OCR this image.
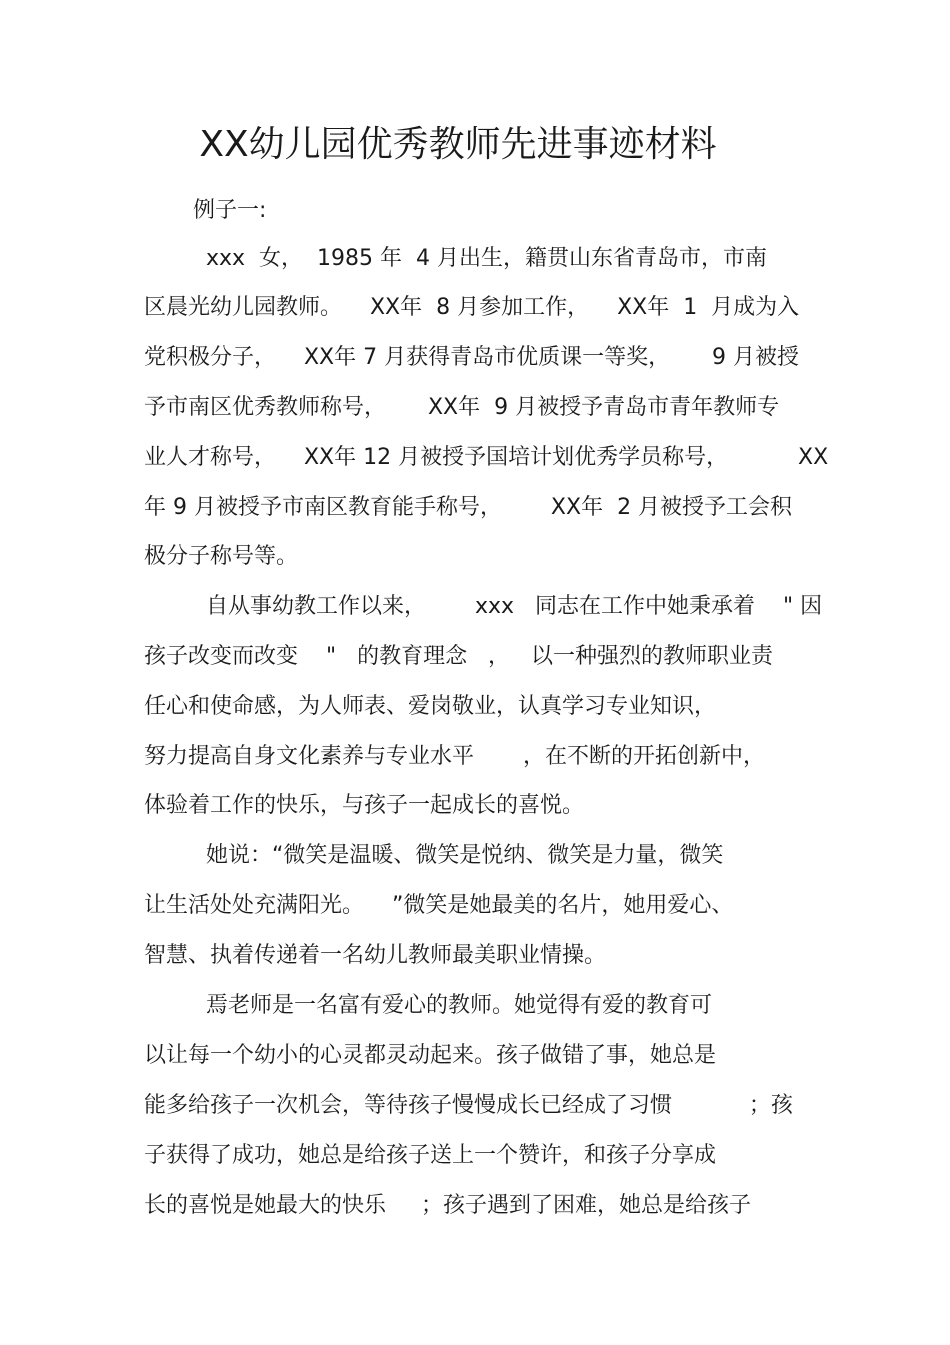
XX幼儿园优秀教师先进事迹材料
例子一:
xxx  女，  1985 年  4 月出生，籍贯山东省青岛市，市南
区晨光幼儿园教师。    XX年  8 月参加工作，    XX年  1  月成为入
党积极分子，    XX年 7 月获得青岛市优质课一等奖，      9 月被授
予市南区优秀教师称号，      XX年  9 月被授予青岛市青年教师专
业人才称号，    XX年 12 月被授予国培计划优秀学员称号，          XX
年 9 月被授予市南区教育能手称号，       XX年  2 月被授予工会积
极分子称号等。
自从事幼教工作以来，       xxx   同志在工作中她秉承着    " 因
孩子改变而改变    "   的教育理念   ，   以一种强烈的教师职业责
任心和使命感，为人师表、爱岗敬业，认真学习专业知识，
努力提高自身文化素养与专业水平       ，在不断的开拓创新中，
体验着工作的快乐，与孩子一起成长的喜悦。
她说：“微笑是温暖、微笑是悦纳、微笑是力量，微笑
让生活处处充满阳光。    ”微笑是她最美的名片，她用爱心、
智慧、执着传递着一名幼儿教师最美职业情操。
焉老师是一名富有爱心的教师。她觉得有爱的教育可
以让每一个幼小的心灵都灵动起来。孩子做错了事，她总是
能多给孩子一次机会，等待孩子慢慢成长已经成了习惯           ；孩
子获得了成功，她总是给孩子送上一个赞许，和孩子分享成
长的喜悦是她最大的快乐     ；孩子遇到了困难，她总是给孩子
